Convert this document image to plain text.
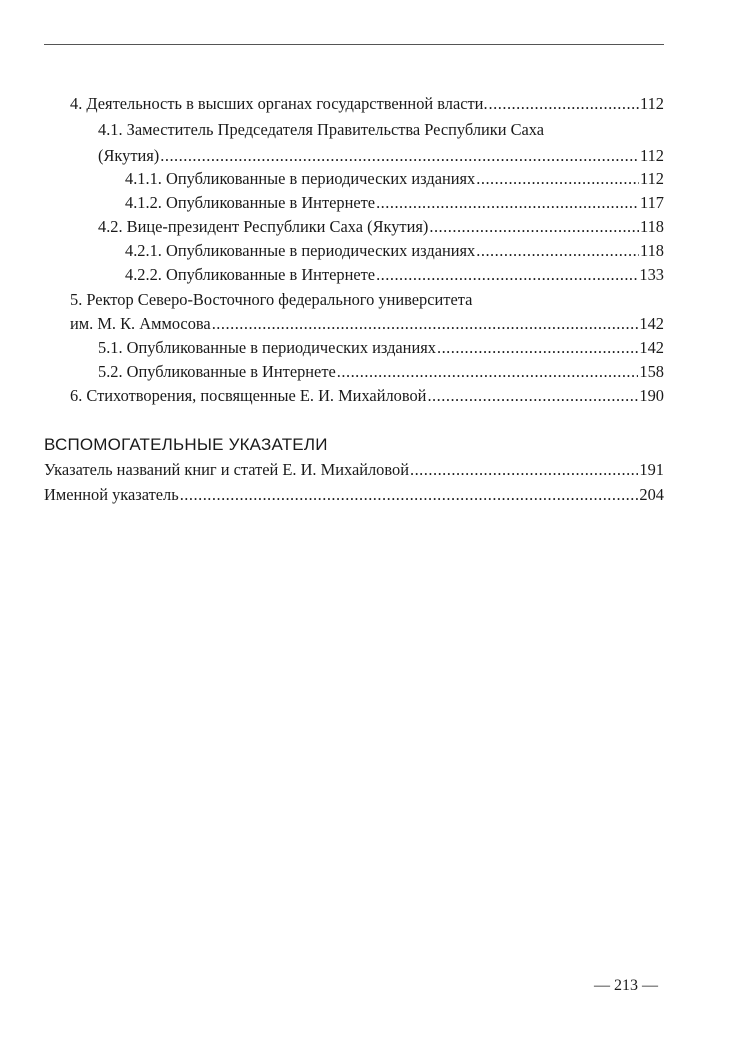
4. Деятельность в высших органах государственной власти. .....	112
4.1. Заместитель Председателя Правительства Республики Саха
(Якутия) .....	112
4.1.1. Опубликованные в периодических изданиях .....	112
4.1.2. Опубликованные в Интернете .....	117
4.2. Вице-президент Республики Саха (Якутия) .....	118
4.2.1. Опубликованные в периодических изданиях .....	118
4.2.2. Опубликованные в Интернете .....	133
5. Ректор Северо-Восточного федерального университета
им. М. К. Аммосова .....	142
5.1. Опубликованные в периодических изданиях .....	142
5.2. Опубликованные в Интернете .....	158
6. Стихотворения, посвященные Е. И. Михайловой .....	190
ВСПОМОГАТЕЛЬНЫЕ УКАЗАТЕЛИ
Указатель названий книг и статей Е. И. Михайловой .....	191
Именной указатель .....	204
— 213 —
